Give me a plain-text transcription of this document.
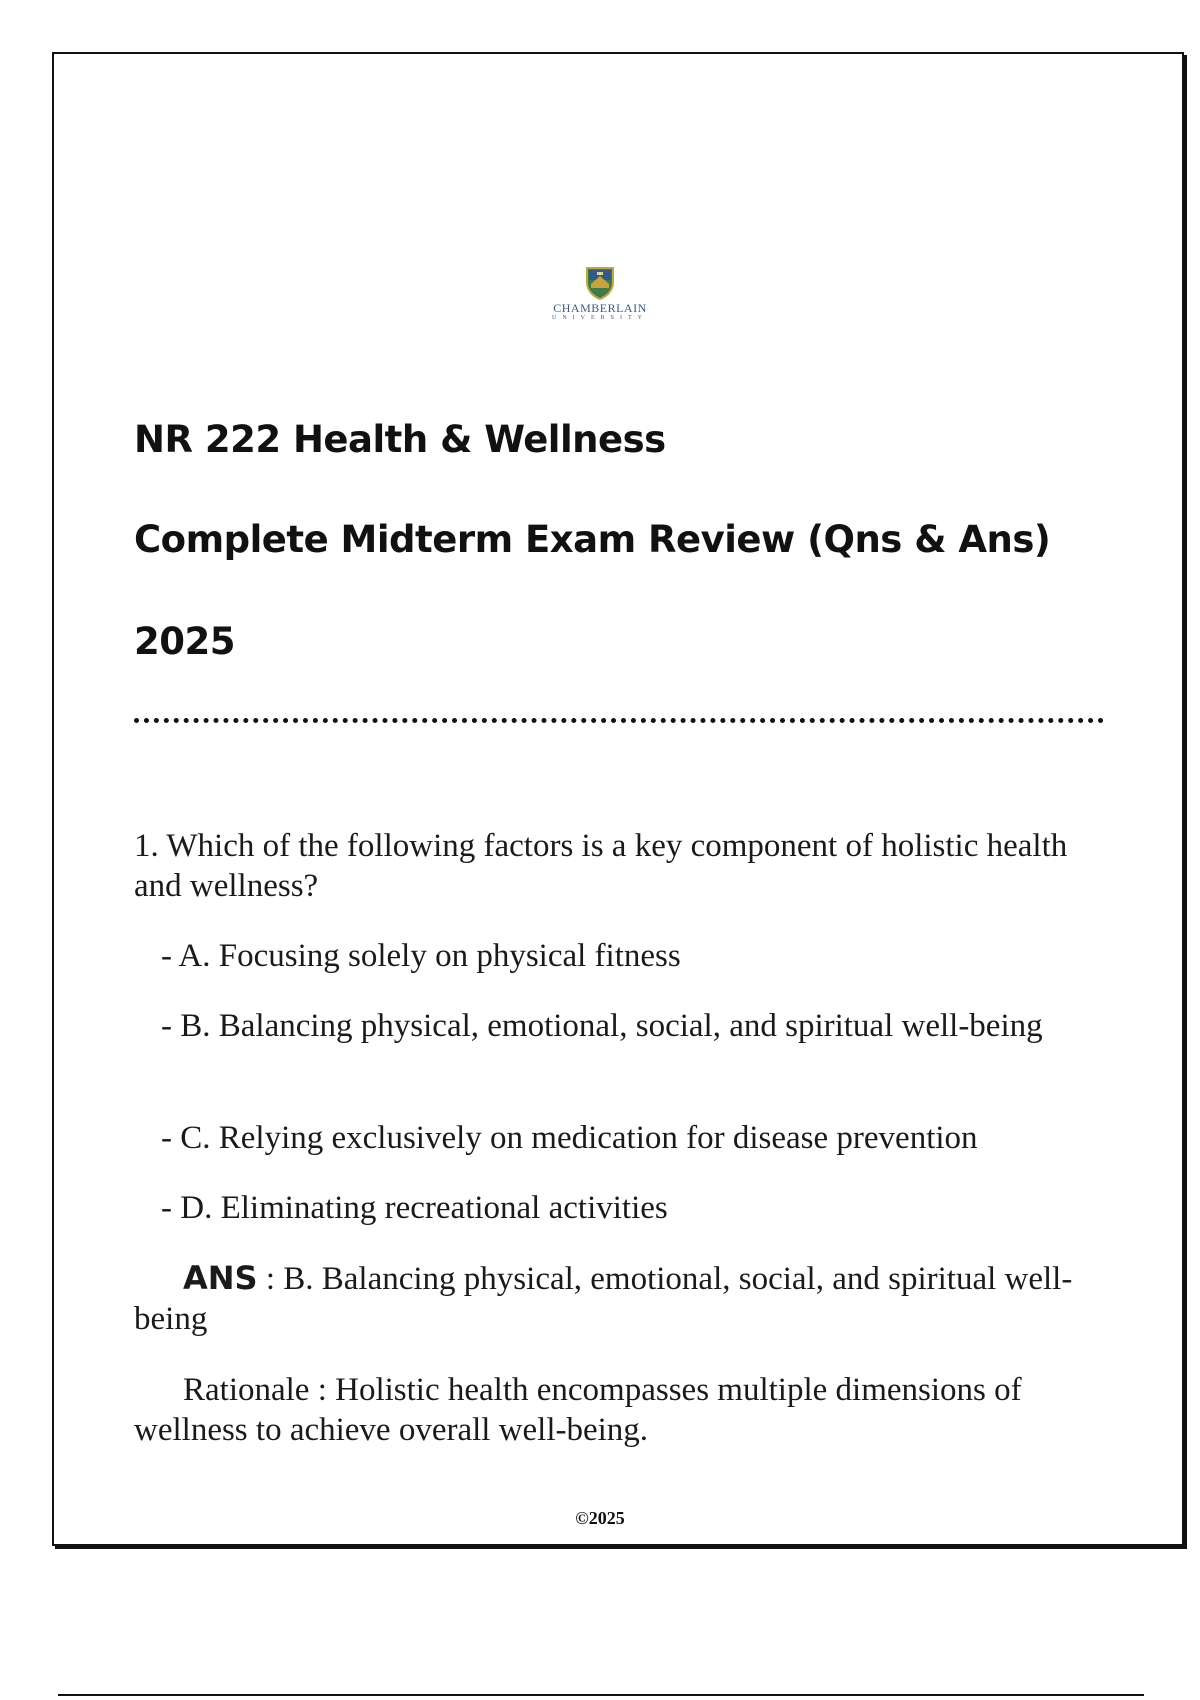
CHAMBERLAIN
UNIVERSITY
NR 222 Health & Wellness
Complete Midterm Exam Review (Qns & Ans)
2025
1. Which of the following factors is a key component of holistic health and wellness?
- A. Focusing solely on physical fitness
- B. Balancing physical, emotional, social, and spiritual well-being
- C. Relying exclusively on medication for disease prevention
- D. Eliminating recreational activities
ANS : B. Balancing physical, emotional, social, and spiritual well-being
Rationale : Holistic health encompasses multiple dimensions of wellness to achieve overall well-being.
©2025
